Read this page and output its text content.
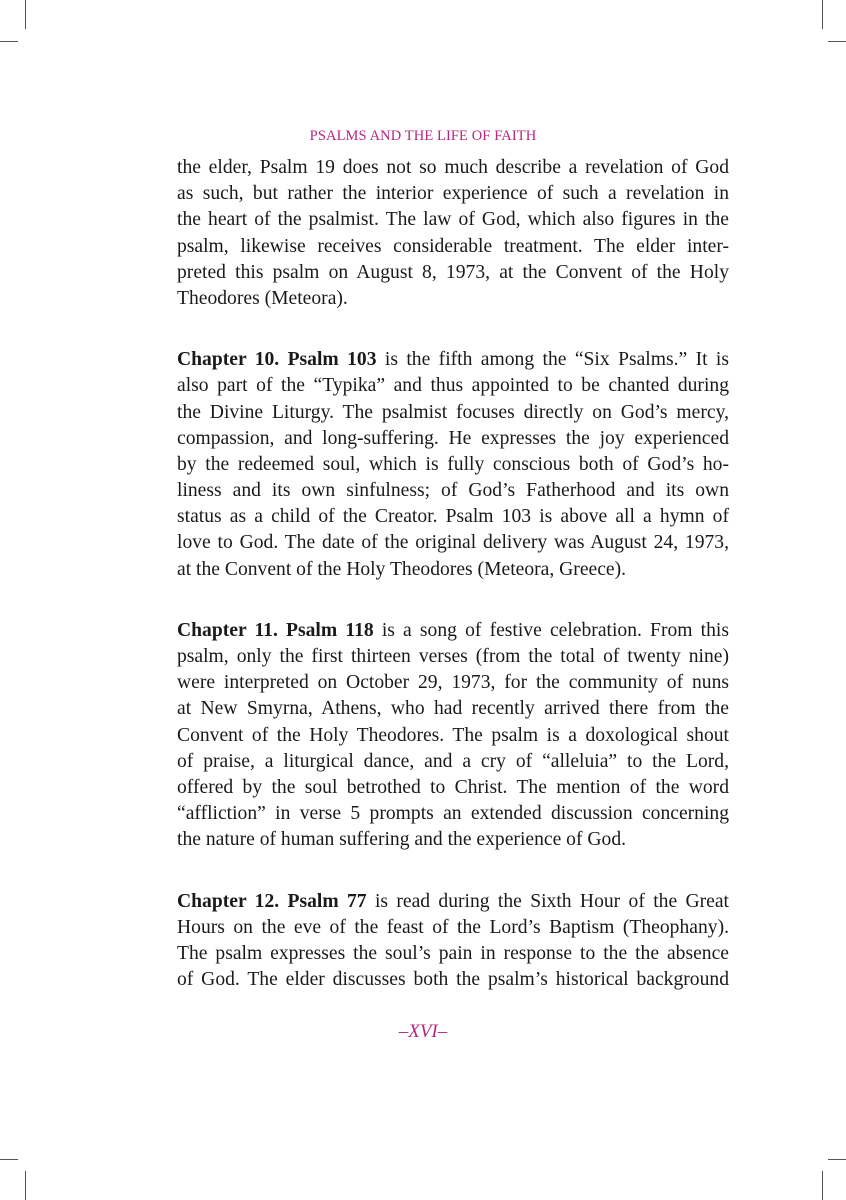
PSALMS AND THE LIFE OF FAITH
the elder, Psalm 19 does not so much describe a revelation of God
as such, but rather the interior experience of such a revelation in
the heart of the psalmist. The law of God, which also figures in the
psalm, likewise receives considerable treatment. The elder inter-
preted this psalm on August 8, 1973, at the Convent of the Holy
Theodores (Meteora).
Chapter 10. Psalm 103 is the fifth among the “Six Psalms.” It is
also part of the “Typika” and thus appointed to be chanted during
the Divine Liturgy. The psalmist focuses directly on God’s mercy,
compassion, and long-suffering. He expresses the joy experienced
by the redeemed soul, which is fully conscious both of God’s ho-
liness and its own sinfulness; of God’s Fatherhood and its own
status as a child of the Creator. Psalm 103 is above all a hymn of
love to God. The date of the original delivery was August 24, 1973,
at the Convent of the Holy Theodores (Meteora, Greece).
Chapter 11. Psalm 118 is a song of festive celebration. From this
psalm, only the first thirteen verses (from the total of twenty nine)
were interpreted on October 29, 1973, for the community of nuns
at New Smyrna, Athens, who had recently arrived there from the
Convent of the Holy Theodores. The psalm is a doxological shout
of praise, a liturgical dance, and a cry of “alleluia” to the Lord,
offered by the soul betrothed to Christ. The mention of the word
“affliction” in verse 5 prompts an extended discussion concerning
the nature of human suffering and the experience of God.
Chapter 12. Psalm 77 is read during the Sixth Hour of the Great
Hours on the eve of the feast of the Lord’s Baptism (Theophany).
The psalm expresses the soul’s pain in response to the the absence
of God. The elder discusses both the psalm’s historical background
–XVI–
